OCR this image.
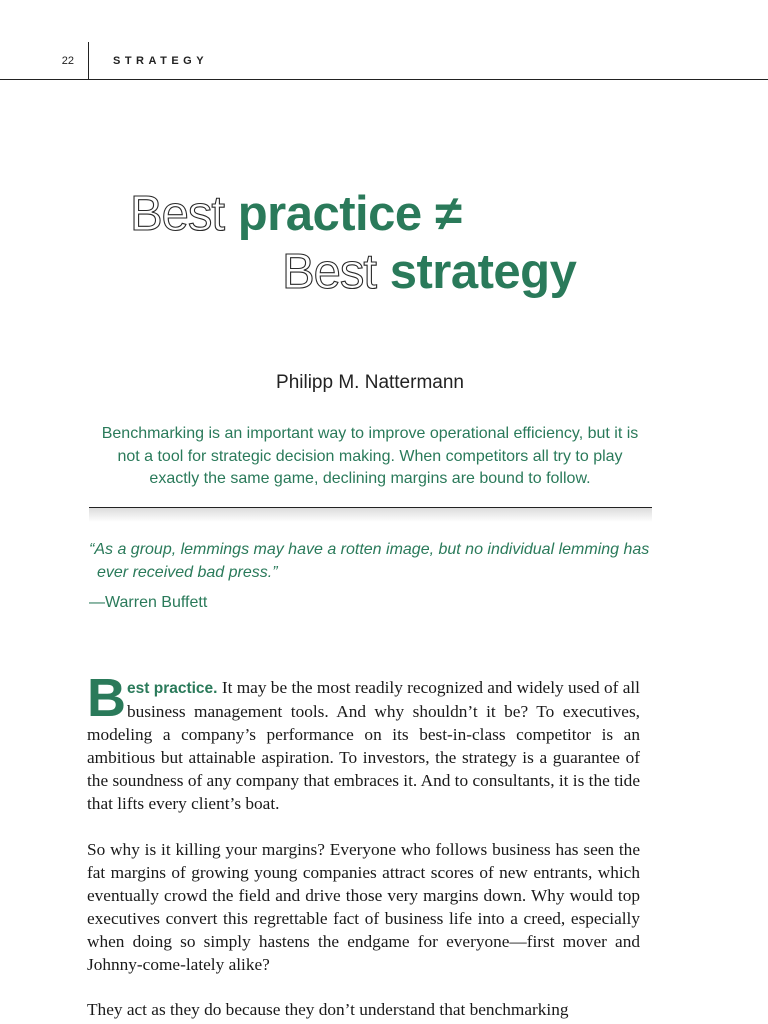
22	STRATEGY
Best practice ≠
Best strategy
Philipp M. Nattermann
Benchmarking is an important way to improve operational efficiency, but it is not a tool for strategic decision making. When competitors all try to play exactly the same game, declining margins are bound to follow.

“As a group, lemmings may have a rotten image, but no individual lemming has ever received bad press.”

—Warren Buffett

Best practice. It may be the most readily recognized and widely used of all business management tools. And why shouldn’t it be? To executives, modeling a company’s performance on its best-in-class competitor is an ambitious but attainable aspiration. To investors, the strategy is a guarantee of the soundness of any company that embraces it. And to consultants, it is the tide that lifts every client’s boat.

So why is it killing your margins? Everyone who follows business has seen the fat margins of growing young companies attract scores of new entrants, which eventually crowd the field and drive those very margins down. Why would top executives convert this regrettable fact of business life into a creed, especially when doing so simply hastens the endgame for everyone—first mover and Johnny-come-lately alike?

They act as they do because they don’t understand that benchmarking
